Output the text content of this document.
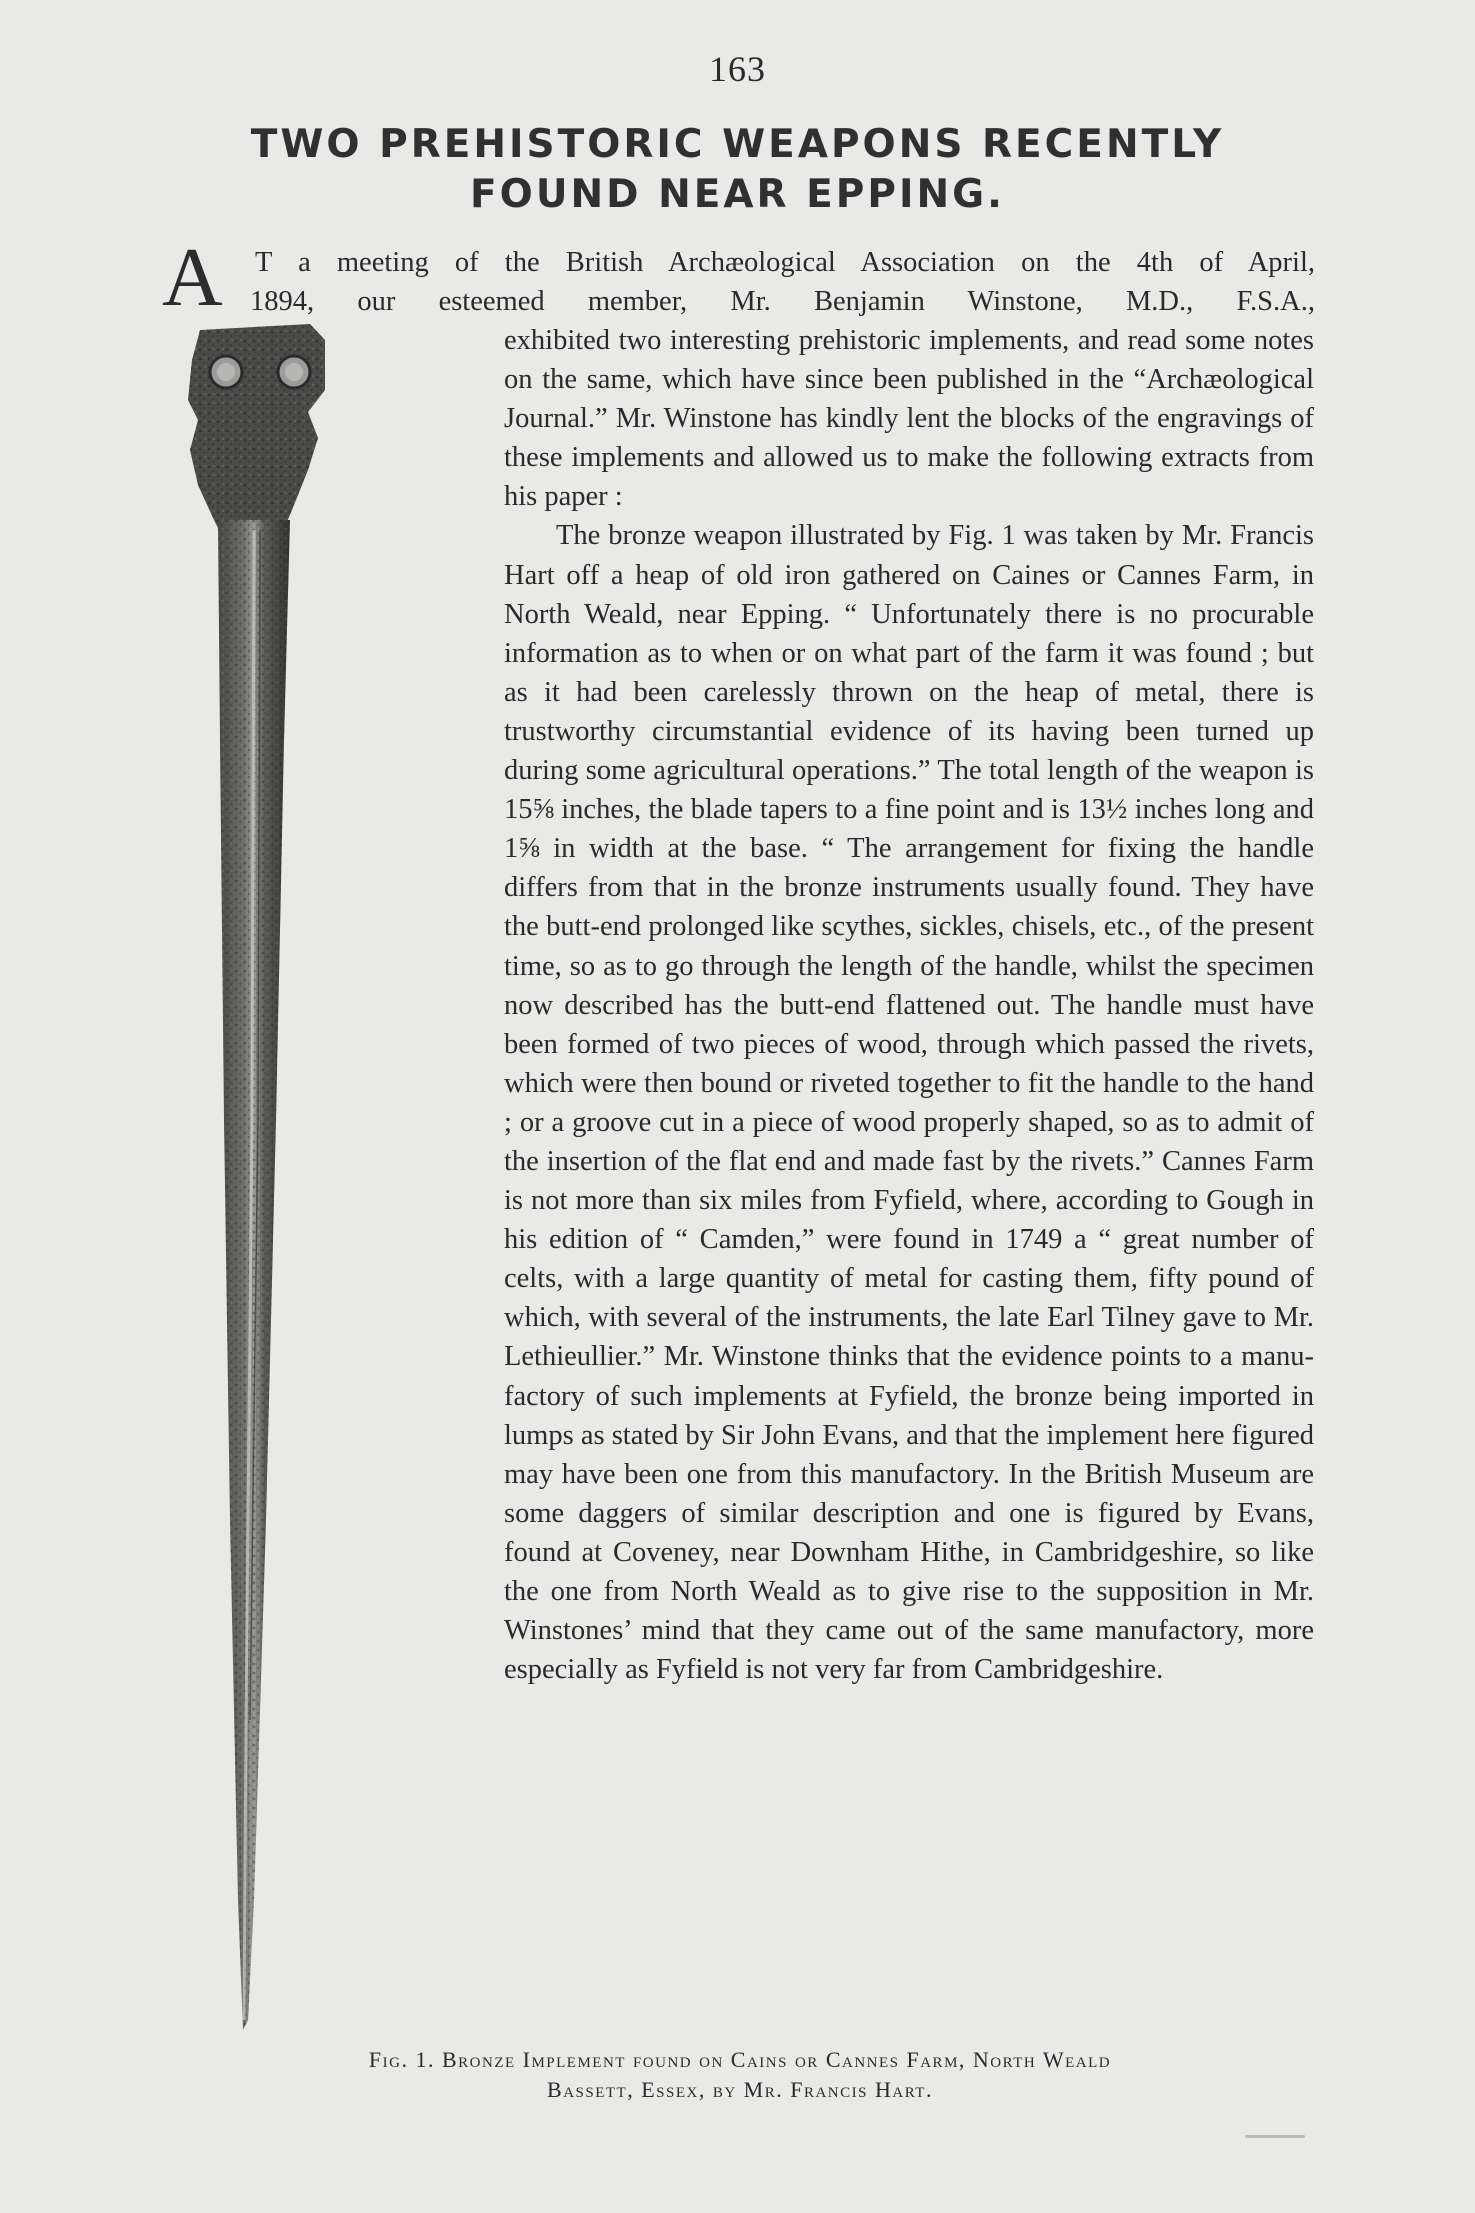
163
TWO PREHISTORIC WEAPONS RECENTLY
FOUND NEAR EPPING.
A T a meeting of the British Archæological Association on the 4th of April,
1894, our esteemed member, Mr. Benjamin Winstone, M.D., F.S.A.,

exhibited two interesting prehistoric implements, and read some notes on the same, which have since been published in the “Archæological Journal.” Mr. Winstone has kindly lent the blocks of the engravings of these implements and allowed us to make the following extracts from his paper :

The bronze weapon illustrated by Fig. 1 was taken by Mr. Francis Hart off a heap of old iron gathered on Caines or Cannes Farm, in North Weald, near Epping. “ Unfortunately there is no procurable information as to when or on what part of the farm it was found ; but as it had been carelessly thrown on the heap of metal, there is trustworthy circumstantial evidence of its having been turned up during some agricultural operations.” The total length of the weapon is 15⅝ inches, the blade tapers to a fine point and is 13½ inches long and 1⅝ in width at the base. “ The arrangement for fixing the handle differs from that in the bronze instruments usually found. They have the butt-end prolonged like scythes, sickles, chisels, etc., of the present time, so as to go through the length of the handle, whilst the specimen now described has the butt-end flattened out. The handle must have been formed of two pieces of wood, through which passed the rivets, which were then bound or riveted together to fit the handle to the hand ; or a groove cut in a piece of wood properly shaped, so as to admit of the insertion of the flat end and made fast by the rivets.” Cannes Farm is not more than six miles from Fyfield, where, according to Gough in his edition of “ Camden,” were found in 1749 a “ great number of celts, with a large quantity of metal for casting them, fifty pound of which, with several of the instruments, the late Earl Tilney gave to Mr. Lethieullier.” Mr. Winstone thinks that the evidence points to a manufactory of such implements at Fyfield, the bronze being imported in lumps as stated by Sir John Evans, and that the implement here figured may have been one from this manufactory. In the British Museum are some daggers of similar description and one is figured by Evans, found at Coveney, near Downham Hithe, in Cambridgeshire, so like the one from North Weald as to give rise to the supposition in Mr. Winstones’ mind that they came out of the same manufactory, more especially as Fyfield is not very far from Cambridgeshire.

Fig. 1. Bronze Implement found on Cains or Cannes Farm, North Weald
Bassett, Essex, by Mr. Francis Hart.
